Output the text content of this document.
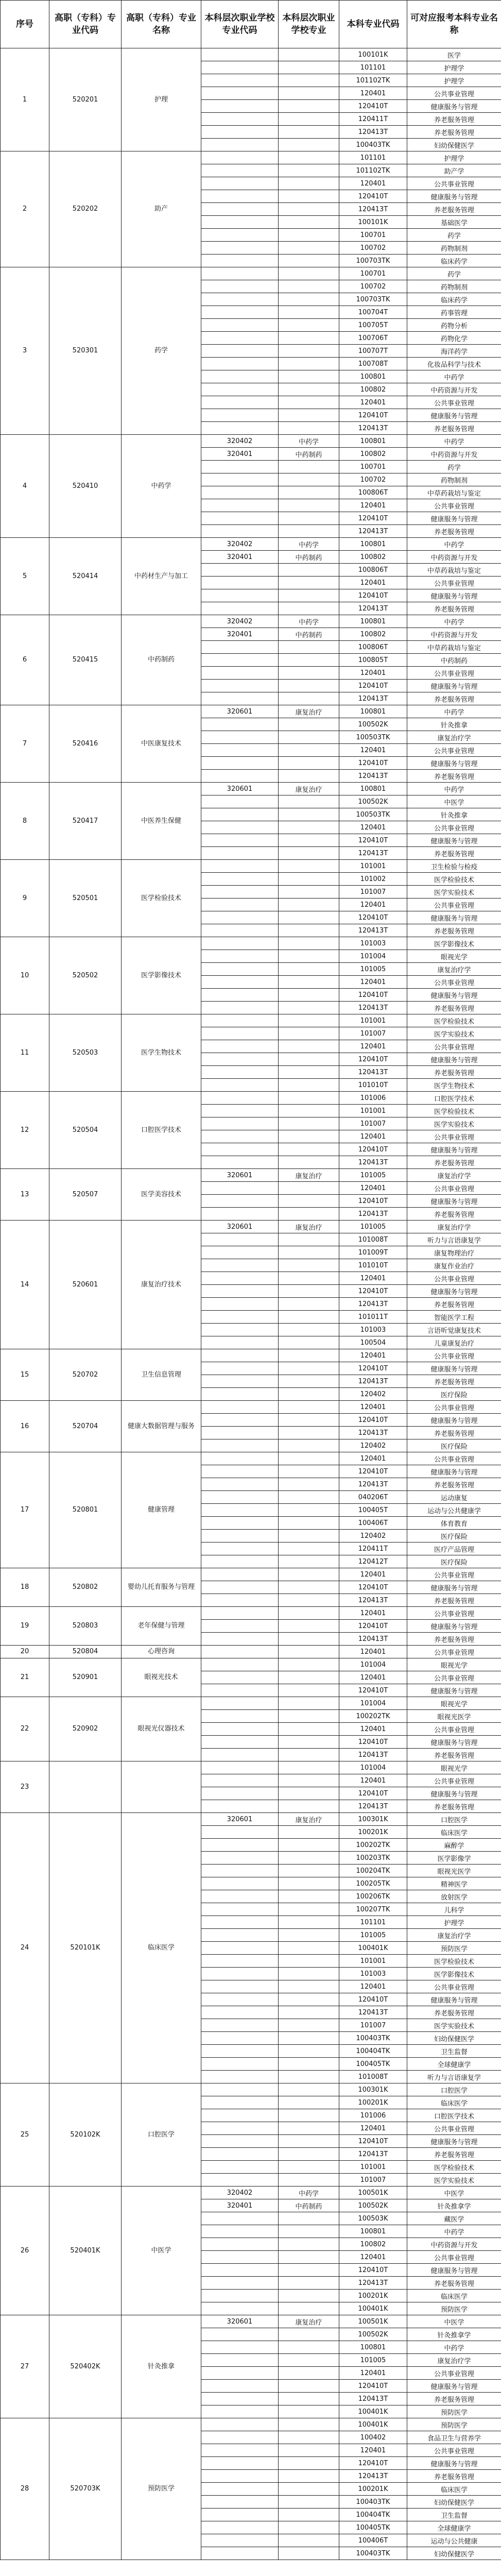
序号	高职（专科）专业代码	高职（专科）专业名称	本科层次职业学校专业代码	本科层次职业学校专业	本科专业代码	可对应报考本科专业名称
1	520201	护理			100101K	医学
					101101	护理学
					101102TK	护理学
					120401	公共事业管理
					120410T	健康服务与管理
					120411T	养老服务管理
					120413T	养老服务管理
					100403TK	妇幼保健医学
2	520202	助产			101101	护理学
					101102TK	助产学
					120401	公共事业管理
					120410T	健康服务与管理
					120413T	养老服务管理
					100101K	基础医学
					100701	药学
					100702	药物制剂
					100703TK	临床药学
3	520301	药学			100701	药学
					100702	药物制剂
					100703TK	临床药学
					100704T	药事管理
					100705T	药物分析
					100706T	药物化学
					100707T	海洋药学
					100708T	化妆品科学与技术
					100801	中药学
					100802	中药资源与开发
					120401	公共事业管理
					120410T	健康服务与管理
					120413T	养老服务管理
4	520410	中药学	320402	中药学	100801	中药学
			320401	中药制药	100802	中药资源与开发
					100701	药学
					100702	药物制剂
					100806T	中草药栽培与鉴定
					120401	公共事业管理
					120410T	健康服务与管理
					120413T	养老服务管理
5	520414	中药材生产与加工	320402	中药学	100801	中药学
			320401	中药制药	100802	中药资源与开发
					100806T	中草药栽培与鉴定
					120401	公共事业管理
					120410T	健康服务与管理
					120413T	养老服务管理
6	520415	中药制药	320402	中药学	100801	中药学
			320401	中药制药	100802	中药资源与开发
					100806T	中草药栽培与鉴定
					100805T	中药制药
					120401	公共事业管理
					120410T	健康服务与管理
					120413T	养老服务管理
7	520416	中医康复技术	320601	康复治疗	100801	中药学
					100502K	针灸推拿
					100503TK	康复治疗学
					120401	公共事业管理
					120410T	健康服务与管理
					120413T	养老服务管理
8	520417	中医养生保健	320601	康复治疗	100801	中药学
					100502K	中医学
					100503TK	针灸推拿
					120401	公共事业管理
					120410T	健康服务与管理
					120413T	养老服务管理
9	520501	医学检验技术			101001	卫生检验与检疫
					101002	医学检验技术
					101007	医学实验技术
					120401	公共事业管理
					120410T	健康服务与管理
					120413T	养老服务管理
10	520502	医学影像技术			101003	医学影像技术
					101004	眼视光学
					101005	康复治疗学
					120401	公共事业管理
					120410T	健康服务与管理
					120413T	养老服务管理
11	520503	医学生物技术			101001	医学检验技术
					101007	医学实验技术
					120401	公共事业管理
					120410T	健康服务与管理
					120413T	养老服务管理
					101010T	医学生物技术
12	520504	口腔医学技术			101006	口腔医学技术
					101001	医学检验技术
					101007	医学实验技术
					120401	公共事业管理
					120410T	健康服务与管理
					120413T	养老服务管理
13	520507	医学美容技术	320601	康复治疗	101005	康复治疗学
					120401	公共事业管理
					120410T	健康服务与管理
					120413T	养老服务管理
14	520601	康复治疗技术	320601	康复治疗	101005	康复治疗学
					101008T	听力与言语康复学
					101009T	康复物理治疗
					101010T	康复作业治疗
					120401	公共事业管理
					120410T	健康服务与管理
					120413T	养老服务管理
					101011T	智能医学工程
					101003	言语听觉康复技术
					100504	儿童康复治疗
15	520702	卫生信息管理			120401	公共事业管理
					120410T	健康服务与管理
					120413T	养老服务管理
					120402	医疗保险
16	520704	健康大数据管理与服务			120401	公共事业管理
					120410T	健康服务与管理
					120413T	养老服务管理
					120402	医疗保险
17	520801	健康管理			120401	公共事业管理
					120410T	健康服务与管理
					120413T	养老服务管理
					040206T	运动康复
					100405T	运动与公共健康学
					100406T	体育教育
					120402	医疗保险
					120411T	医疗产品管理
					120412T	医疗保险
18	520802	婴幼儿托育服务与管理			120401	公共事业管理
					120410T	健康服务与管理
					120413T	养老服务管理
19	520803	老年保健与管理			120401	公共事业管理
					120410T	健康服务与管理
					120413T	养老服务管理
20	520804	心理咨询			120401	公共事业管理
21	520901	眼视光技术			101004	眼视光学
					120401	公共事业管理
					120410T	健康服务与管理
22	520902	眼视光仪器技术			101004	眼视光学
					100202TK	眼视光医学
					120401	公共事业管理
					120410T	健康服务与管理
					120413T	养老服务管理
23					101004	眼视光学
					120401	公共事业管理
					120410T	健康服务与管理
					120413T	养老服务管理
24	520101K	临床医学	320601	康复治疗	100301K	口腔医学
					100201K	临床医学
					100202TK	麻醉学
					100203TK	医学影像学
					100204TK	眼视光医学
					100205TK	精神医学
					100206TK	放射医学
					100207TK	儿科学
					101101	护理学
					101005	康复治疗学
					100401K	预防医学
					101001	医学检验技术
					101003	医学影像技术
					120401	公共事业管理
					120410T	健康服务与管理
					120413T	养老服务管理
					101007	医学实验技术
					100403TK	妇幼保健医学
					100404TK	卫生监督
					100405TK	全球健康学
					101008T	听力与言语康复学
25	520102K	口腔医学			100301K	口腔医学
					100201K	临床医学
					101006	口腔医学技术
					120401	公共事业管理
					120410T	健康服务与管理
					120413T	养老服务管理
					101001	医学检验技术
					101007	医学实验技术
26	520401K	中医学	320402	中药学	100501K	中医学
			320401	中药制药	100502K	针灸推拿学
					100503K	藏医学
					100801	中药学
					100802	中药资源与开发
					120401	公共事业管理
					120410T	健康服务与管理
					120413T	养老服务管理
					100201K	临床医学
					100401K	预防医学
27	520402K	针灸推拿	320601	康复治疗	100501K	中医学
					100502K	针灸推拿学
					100801	中药学
					101005	康复治疗学
					120401	公共事业管理
					120410T	健康服务与管理
					120413T	养老服务管理
					100401K	预防医学
28	520703K	预防医学			100401K	预防医学
					100402	食品卫生与营养学
					120401	公共事业管理
					120410T	健康服务与管理
					120413T	养老服务管理
					100201K	临床医学
					100403TK	妇幼保健医学
					100404TK	卫生监督
					100405TK	全球健康学
					100406T	运动与公共健康
					100403TK	妇幼保健医学
